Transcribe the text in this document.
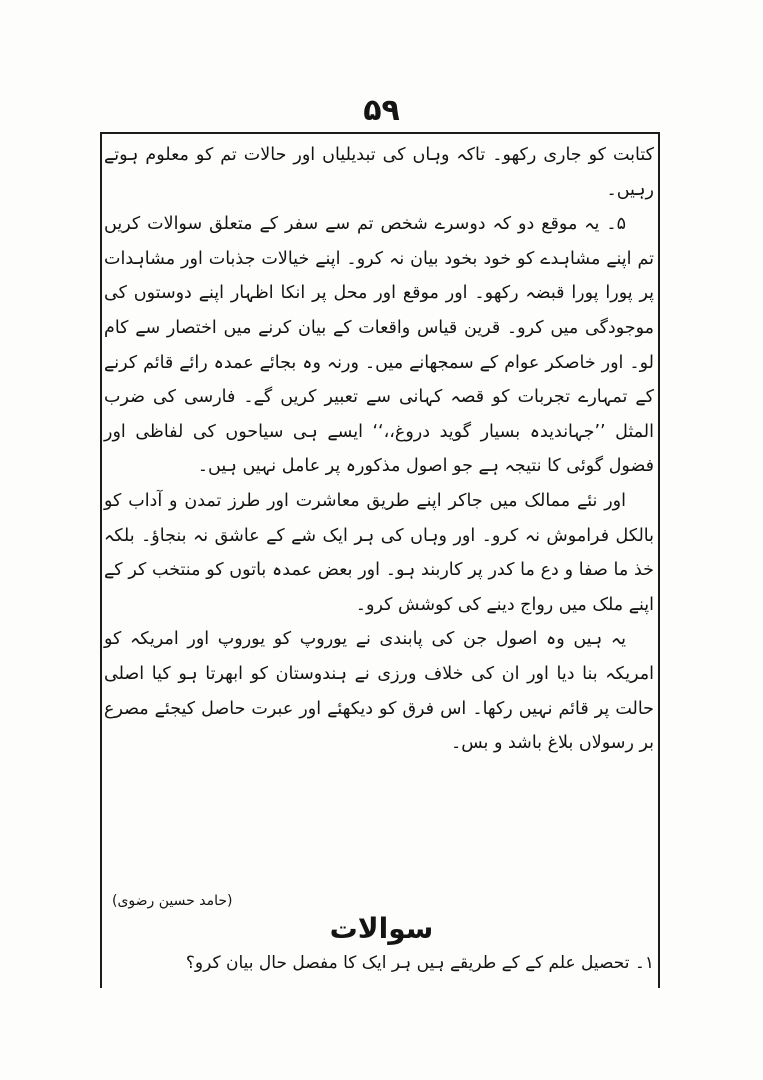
۵۹

کتابت کو جاری رکھو۔ تاکہ وہاں کی تبدیلیاں اور حالات تم کو معلوم ہوتے رہیں۔

۵۔ یہ موقع دو کہ دوسرے شخص تم سے سفر کے متعلق سوالات کریں تم اپنے مشاہدے کو خود بخود بیان نہ کرو۔ اپنے خیالات جذبات اور مشاہدات پر پورا پورا قبضہ رکھو۔ اور موقع اور محل پر انکا اظہار اپنے دوستوں کی موجودگی میں کرو۔ قرین قیاس واقعات کے بیان کرنے میں اختصار سے کام لو۔ اور خاصکر عوام کے سمجھانے میں۔ ورنہ وہ بجائے عمدہ رائے قائم کرنے کے تمہارے تجربات کو قصہ کہانی سے تعبیر کریں گے۔ فارسی کی ضرب المثل ’’جہاندیدہ بسیار گوید دروغ،،‘‘ ایسے ہی سیاحوں کی لفاظی اور فضول گوئی کا نتیجہ ہے جو اصول مذکورہ پر عامل نہیں ہیں۔

اور نئے ممالک میں جاکر اپنے طریق معاشرت اور طرز تمدن و آداب کو بالکل فراموش نہ کرو۔ اور وہاں کی ہر ایک شے کے عاشق نہ بنجاؤ۔ بلکہ خذ ما صفا و دع ما کدر پر کاربند ہو۔ اور بعض عمدہ باتوں کو منتخب کر کے اپنے ملک میں رواج دینے کی کوشش کرو۔

یہ ہیں وہ اصول جن کی پابندی نے یوروپ کو یوروپ اور امریکہ کو امریکہ بنا دیا اور ان کی خلاف ورزی نے ہندوستان کو ابھرتا ہو کیا اصلی حالت پر قائم نہیں رکھا۔ اس فرق کو دیکھئے اور عبرت حاصل کیجئے مصرع بر رسولاں بلاغ باشد و بس۔

(حامد حسین رضوی)
سوالات
۱۔ تحصیل علم کے کے طریقے ہیں ہر ایک کا مفصل حال بیان کرو؟
